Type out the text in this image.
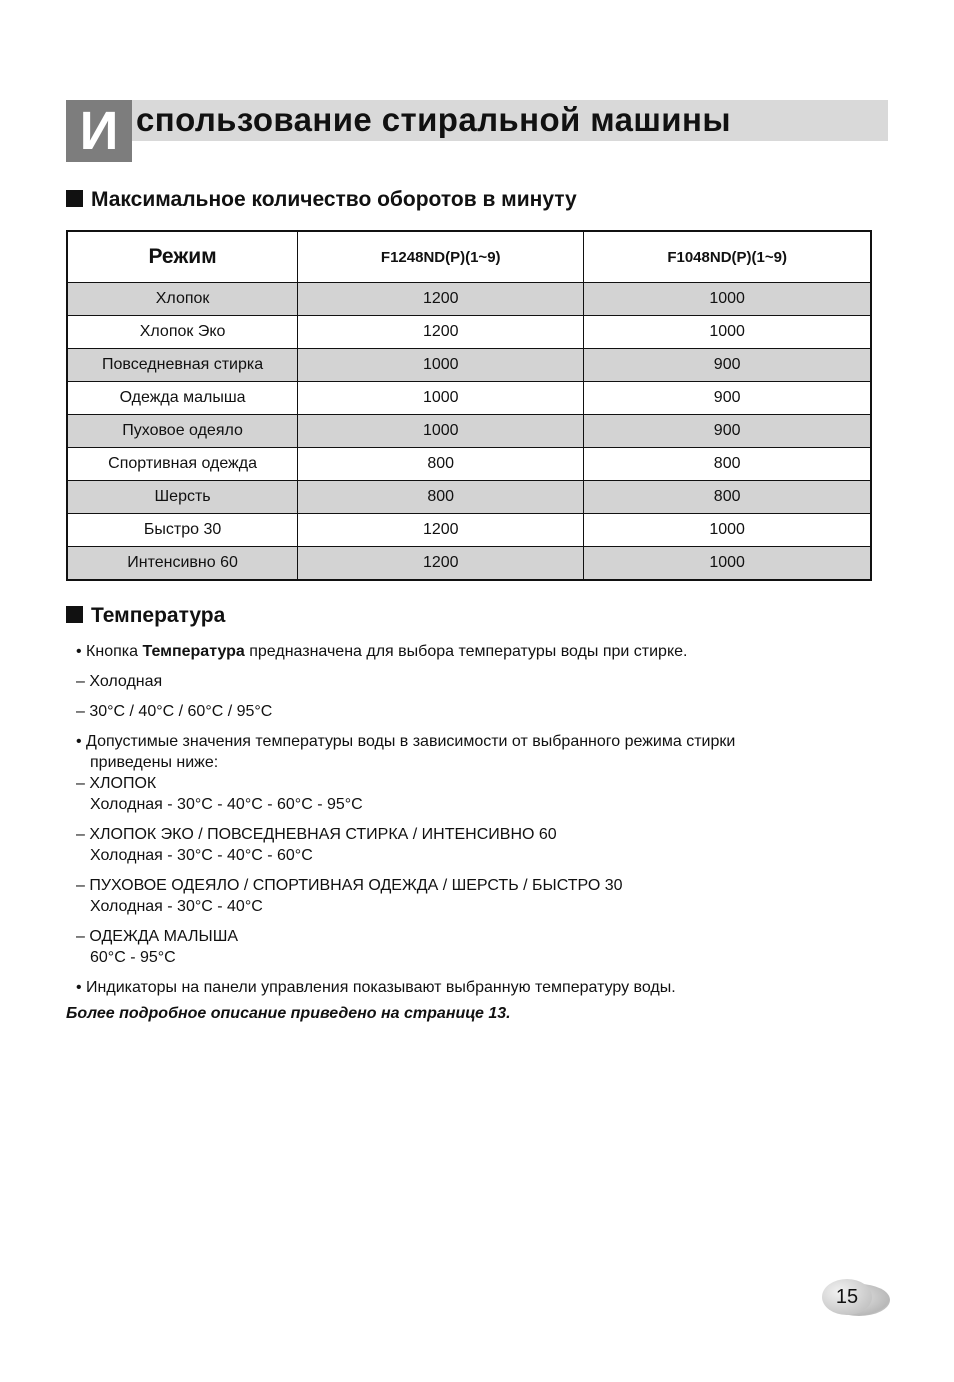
И спользование стиральной машины
Максимальное количество оборотов в минуту
Режим	F1248ND(P)(1~9)	F1048ND(P)(1~9)

Хлопок	1200	1000

Хлопок Эко	1200	1000

Повседневная стирка	1000	900

Одежда малыша	1000	900

Пуховое одеяло	1000	900

Спортивная одежда	800	800

Шерсть	800	800

Быстро 30	1200	1000

Интенсивно 60	1200	1000
Температура
• Кнопка Температура предназначена для выбора температуры воды при стирке.
– Холодная
– 30°C / 40°C / 60°C / 95°C
• Допустимые значения температуры воды в зависимости от выбранного режима стирки
приведены ниже:
– ХЛОПОК
Холодная - 30°C - 40°C - 60°C - 95°C
– ХЛОПОК ЭКО / ПОВСЕДНЕВНАЯ СТИРКА / ИНТЕНСИВНО 60
Холодная - 30°C - 40°C - 60°C
– ПУХОВОЕ ОДЕЯЛО / СПОРТИВНАЯ ОДЕЖДА / ШЕРСТЬ / БЫСТРО 30
Холодная - 30°C - 40°C
– ОДЕЖДА МАЛЫША
60°C - 95°C
• Индикаторы на панели управления показывают выбранную температуру воды.
Более подробное описание приведено на странице 13.
15
